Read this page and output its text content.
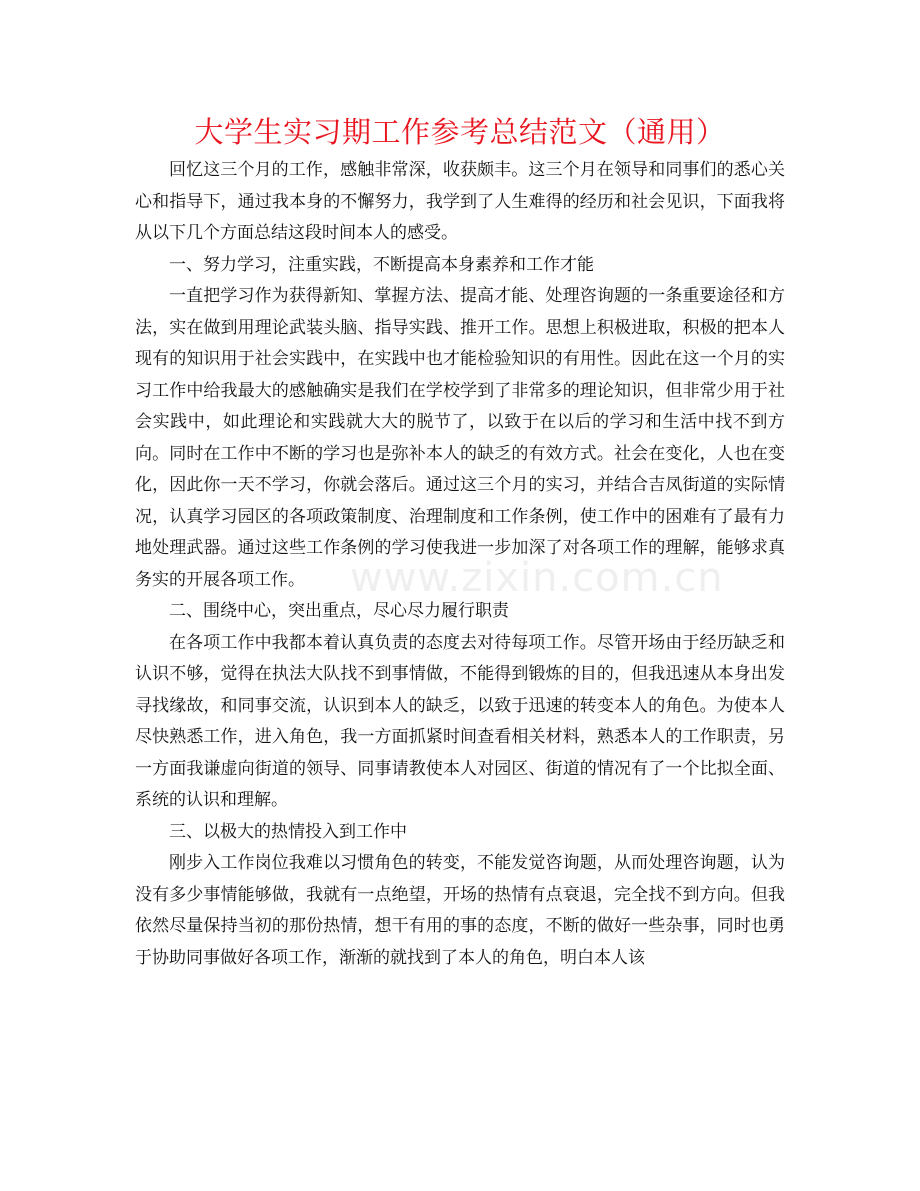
www.zixin.com.cn
大学生实习期工作参考总结范文（通用）

回忆这三个月的工作，感触非常深，收获颇丰。这三个月在领导和同事们的悉心关心和指导下，通过我本身的不懈努力，我学到了人生难得的经历和社会见识，下面我将从以下几个方面总结这段时间本人的感受。

一、努力学习，注重实践，不断提高本身素养和工作才能

一直把学习作为获得新知、掌握方法、提高才能、处理咨询题的一条重要途径和方法，实在做到用理论武装头脑、指导实践、推开工作。思想上积极进取，积极的把本人现有的知识用于社会实践中，在实践中也才能检验知识的有用性。因此在这一个月的实习工作中给我最大的感触确实是我们在学校学到了非常多的理论知识，但非常少用于社会实践中，如此理论和实践就大大的脱节了，以致于在以后的学习和生活中找不到方向。同时在工作中不断的学习也是弥补本人的缺乏的有效方式。社会在变化，人也在变化，因此你一天不学习，你就会落后。通过这三个月的实习，并结合吉凤街道的实际情况，认真学习园区的各项政策制度、治理制度和工作条例，使工作中的困难有了最有力地处理武器。通过这些工作条例的学习使我进一步加深了对各项工作的理解，能够求真务实的开展各项工作。

二、围绕中心，突出重点，尽心尽力履行职责

在各项工作中我都本着认真负责的态度去对待每项工作。尽管开场由于经历缺乏和认识不够，觉得在执法大队找不到事情做，不能得到锻炼的目的，但我迅速从本身出发寻找缘故，和同事交流，认识到本人的缺乏，以致于迅速的转变本人的角色。为使本人尽快熟悉工作，进入角色，我一方面抓紧时间查看相关材料，熟悉本人的工作职责，另一方面我谦虚向街道的领导、同事请教使本人对园区、街道的情况有了一个比拟全面、系统的认识和理解。

三、以极大的热情投入到工作中

刚步入工作岗位我难以习惯角色的转变，不能发觉咨询题，从而处理咨询题，认为没有多少事情能够做，我就有一点绝望，开场的热情有点衰退，完全找不到方向。但我依然尽量保持当初的那份热情，想干有用的事的态度，不断的做好一些杂事，同时也勇于协助同事做好各项工作，渐渐的就找到了本人的角色，明白本人该
